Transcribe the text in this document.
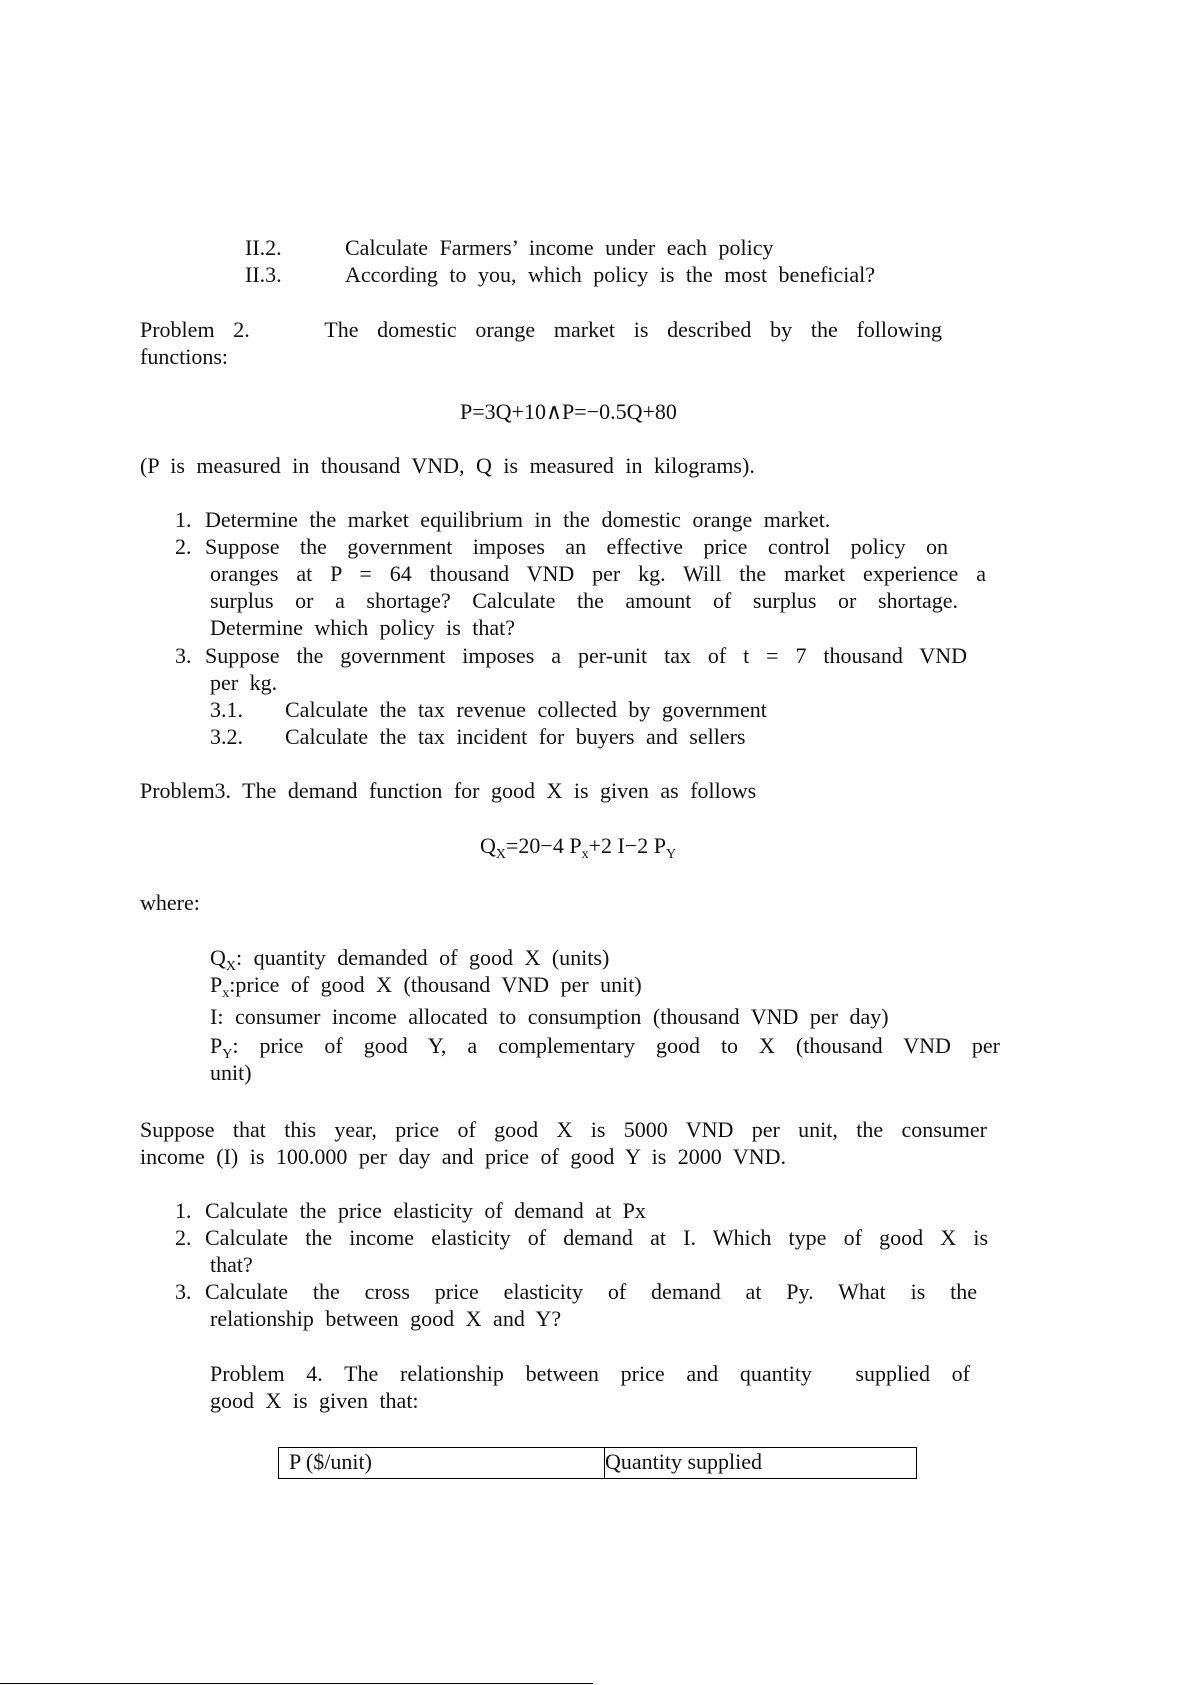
II.2.	Calculate Farmers’ income under each policy
II.3.	According to you, which policy is the most beneficial?
Problem 2.    The domestic orange market is described by the following
functions:
P=3Q+10∧P=−0.5Q+80
(P is measured in thousand VND, Q is measured in kilograms).
1. Determine the market equilibrium in the domestic orange market.
2. Suppose the government imposes an effective price control policy on
oranges at P = 64 thousand VND per kg. Will the market experience a
surplus or a shortage? Calculate the amount of surplus or shortage.
Determine which policy is that?
3. Suppose the government imposes a per-unit tax of t = 7 thousand VND
per kg.
3.1. Calculate the tax revenue collected by government
3.2. Calculate the tax incident for buyers and sellers
Problem3. The demand function for good X is given as follows
$Q_X=20-4$ $P_x+2$ I−2 $P_Y$
where:
$Q_X$: quantity demanded of good X (units)
$P_x:price$ of good X (thousand VND per unit)
I: consumer income allocated to consumption (thousand VND per day)
$P_Y$: price of good Y, a complementary good to X (thousand VND per
unit)
Suppose that this year, price of good X is 5000 VND per unit, the consumer
income (I) is 100.000 per day and price of good Y is 2000 VND.
1. Calculate the price elasticity of demand at Px
2. Calculate the income elasticity of demand at I. Which type of good X is
that?
3. Calculate the cross price elasticity of demand at Py. What is the
relationship between good X and Y?
Problem 4. The relationship between price and quantity  supplied of
good X is given that:
P ($/unit)	Quantity supplied
